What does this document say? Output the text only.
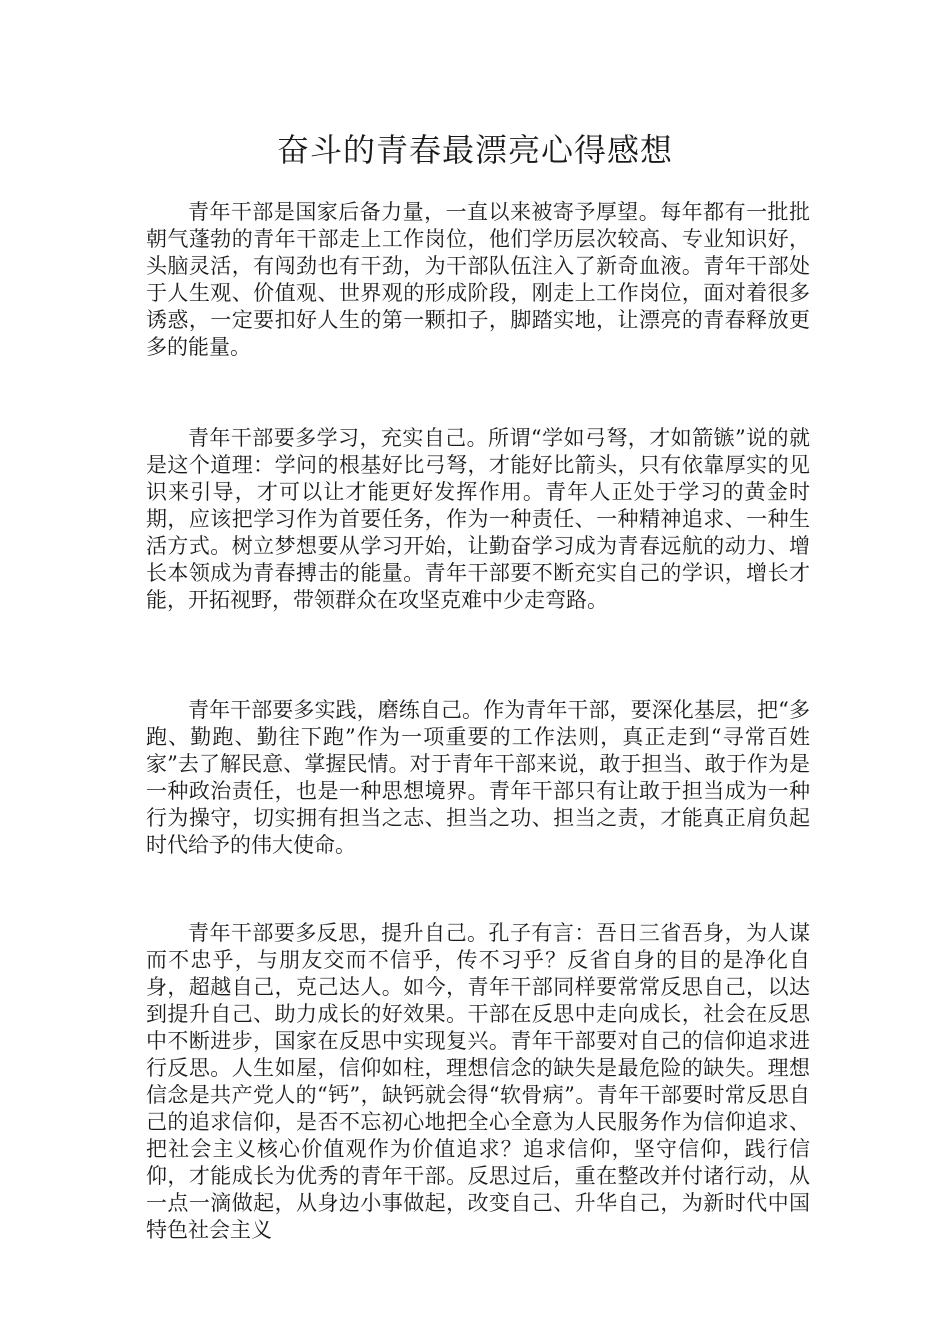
奋斗的青春最漂亮心得感想

青年干部是国家后备力量，一直以来被寄予厚望。每年都有一批批朝气蓬勃的青年干部走上工作岗位，他们学历层次较高、专业知识好，头脑灵活，有闯劲也有干劲，为干部队伍注入了新奇血液。青年干部处于人生观、价值观、世界观的形成阶段，刚走上工作岗位，面对着很多诱惑，一定要扣好人生的第一颗扣子，脚踏实地，让漂亮的青春释放更多的能量。

青年干部要多学习，充实自己。所谓“学如弓弩，才如箭镞”说的就是这个道理：学问的根基好比弓弩，才能好比箭头，只有依靠厚实的见识来引导，才可以让才能更好发挥作用。青年人正处于学习的黄金时期，应该把学习作为首要任务，作为一种责任、一种精神追求、一种生活方式。树立梦想要从学习开始，让勤奋学习成为青春远航的动力、增长本领成为青春搏击的能量。青年干部要不断充实自己的学识，增长才能，开拓视野，带领群众在攻坚克难中少走弯路。

青年干部要多实践，磨练自己。作为青年干部，要深化基层，把“多跑、勤跑、勤往下跑”作为一项重要的工作法则，真正走到“寻常百姓家”去了解民意、掌握民情。对于青年干部来说，敢于担当、敢于作为是一种政治责任，也是一种思想境界。青年干部只有让敢于担当成为一种行为操守，切实拥有担当之志、担当之功、担当之责，才能真正肩负起时代给予的伟大使命。

青年干部要多反思，提升自己。孔子有言：吾日三省吾身，为人谋而不忠乎，与朋友交而不信乎，传不习乎？反省自身的目的是净化自身，超越自己，克己达人。如今，青年干部同样要常常反思自己，以达到提升自己、助力成长的好效果。干部在反思中走向成长，社会在反思中不断进步，国家在反思中实现复兴。青年干部要对自己的信仰追求进行反思。人生如屋，信仰如柱，理想信念的缺失是最危险的缺失。理想信念是共产党人的“钙”，缺钙就会得“软骨病”。青年干部要时常反思自己的追求信仰，是否不忘初心地把全心全意为人民服务作为信仰追求、把社会主义核心价值观作为价值追求？追求信仰，坚守信仰，践行信仰，才能成长为优秀的青年干部。反思过后，重在整改并付诸行动，从一点一滴做起，从身边小事做起，改变自己、升华自己，为新时代中国特色社会主义
